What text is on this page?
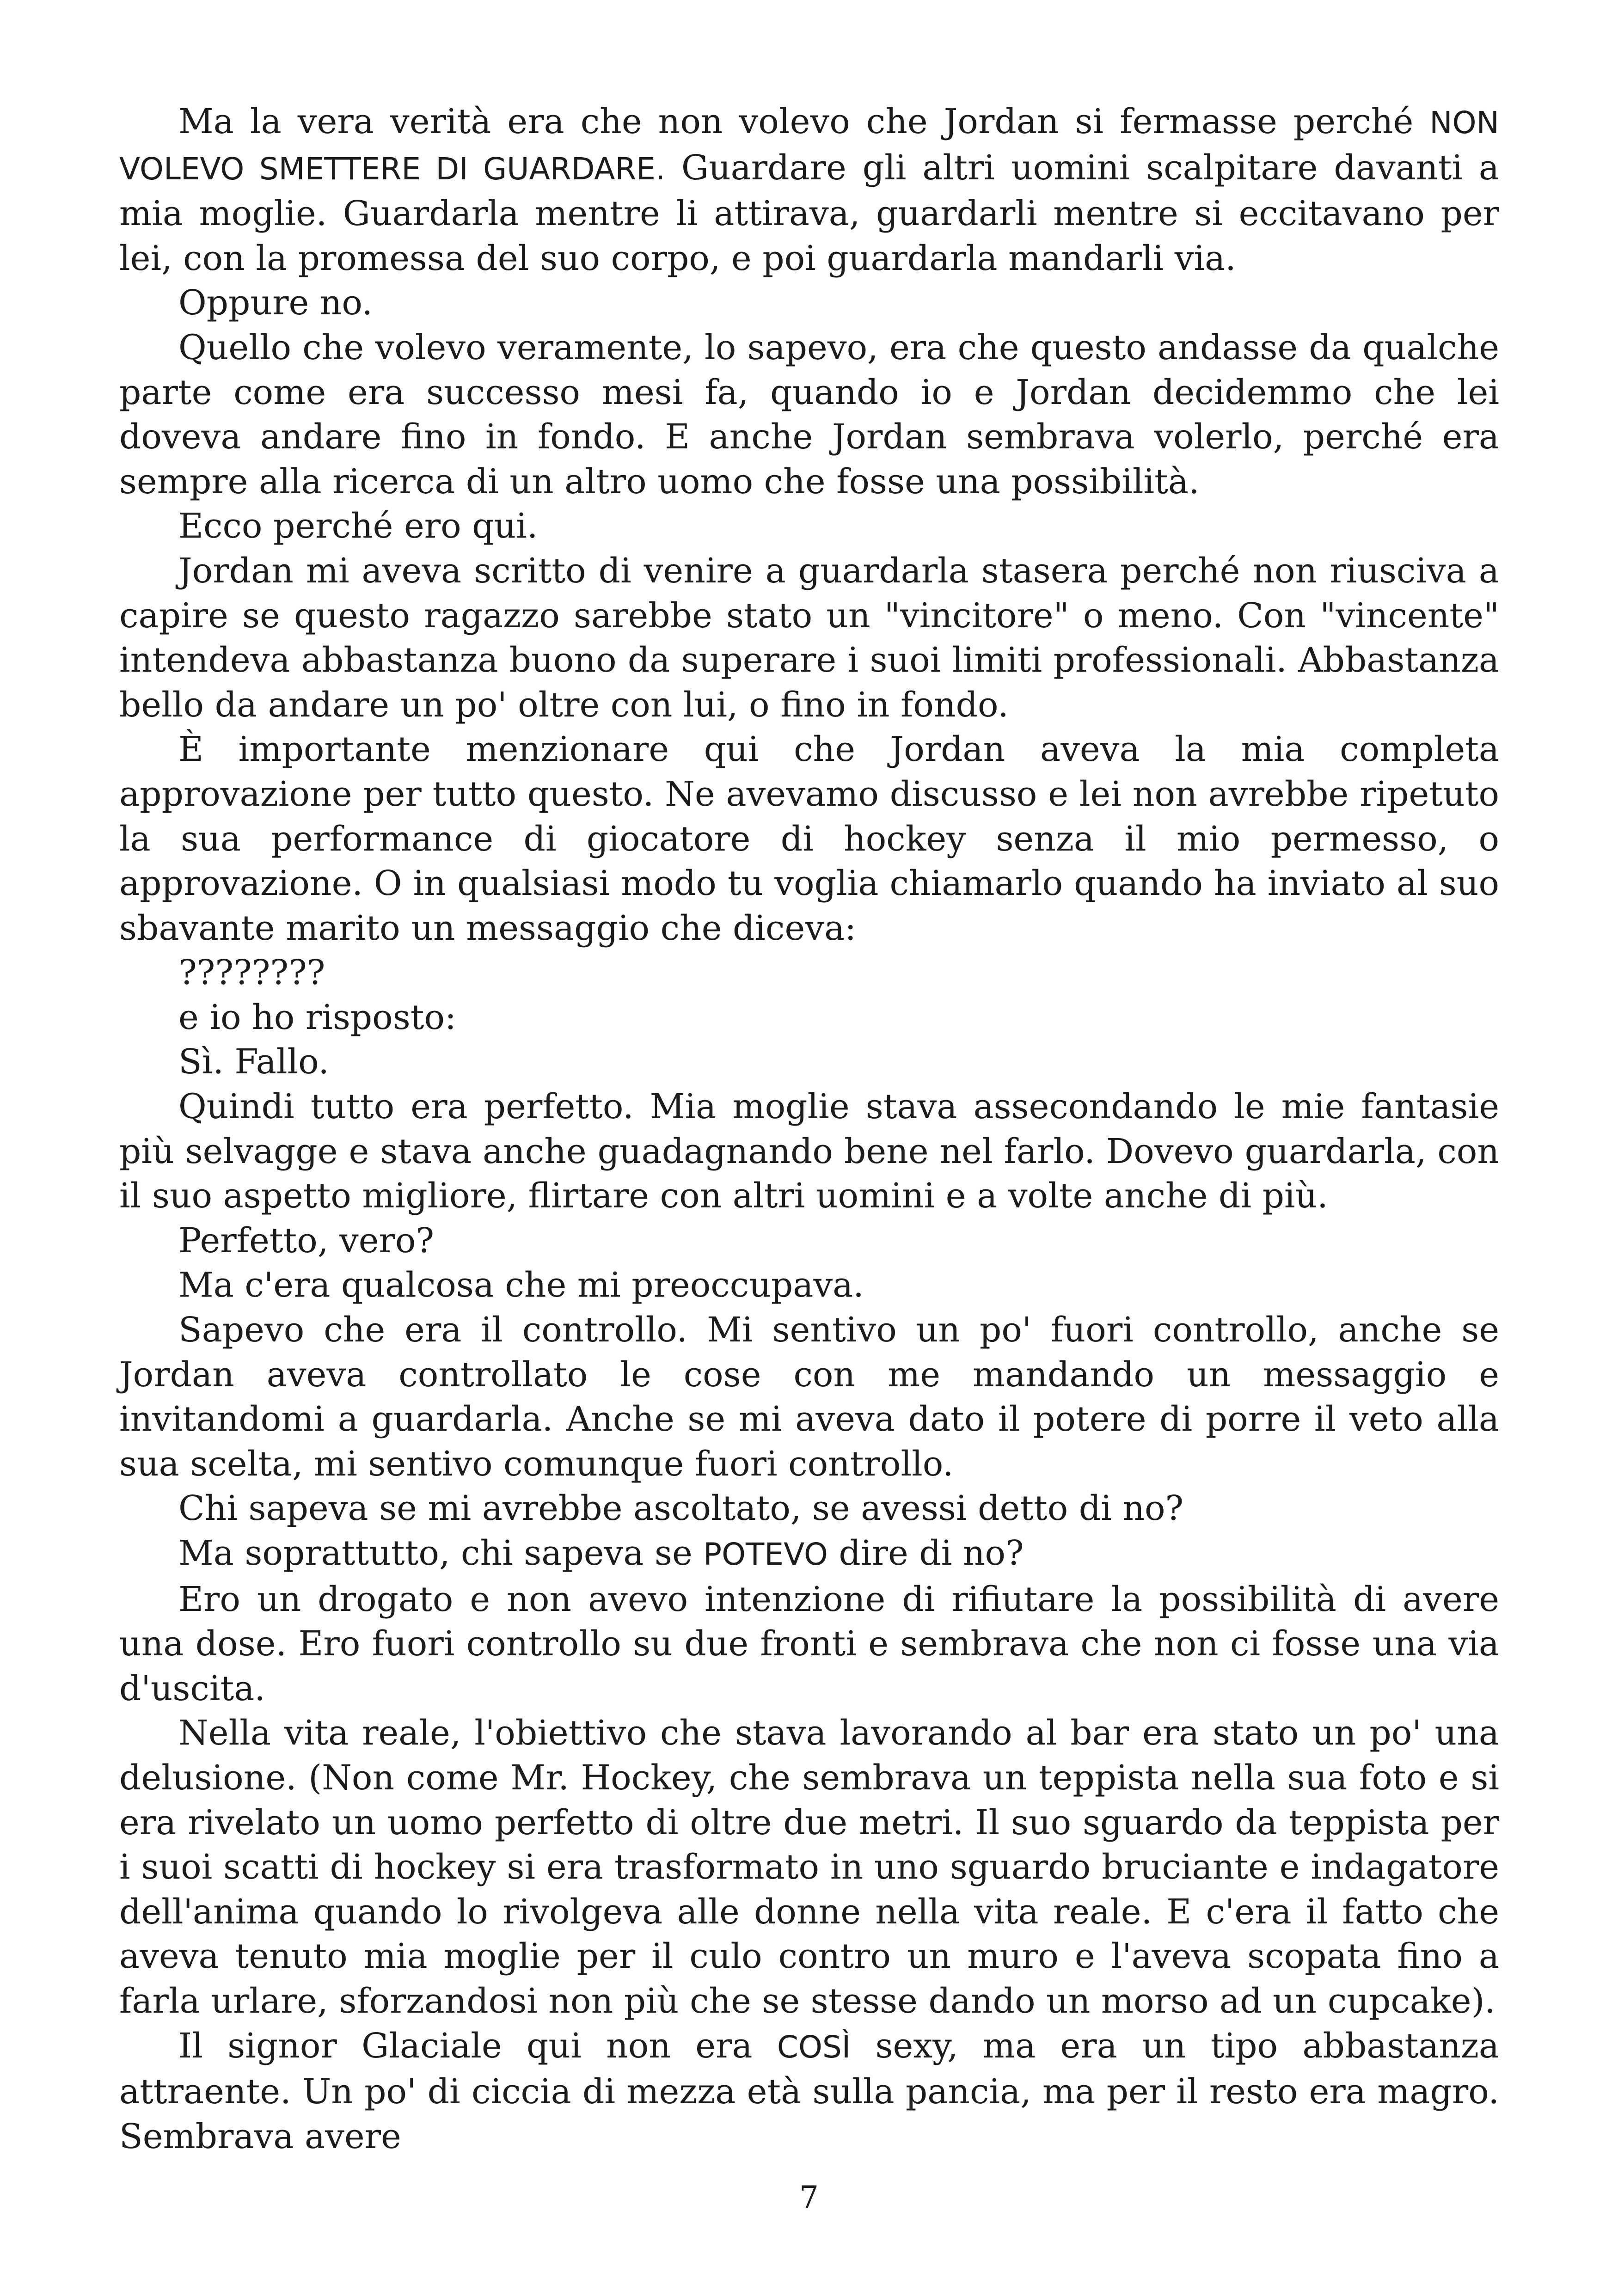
Ma la vera verità era che non volevo che Jordan si fermasse perché NON VOLEVO SMETTERE DI GUARDARE. Guardare gli altri uomini scalpitare davanti a mia moglie. Guardarla mentre li attirava, guardarli mentre si eccitavano per lei, con la promessa del suo corpo, e poi guardarla mandarli via.

Oppure no.

Quello che volevo veramente, lo sapevo, era che questo andasse da qualche parte come era successo mesi fa, quando io e Jordan decidemmo che lei doveva andare fino in fondo. E anche Jordan sembrava volerlo, perché era sempre alla ricerca di un altro uomo che fosse una possibilità.

Ecco perché ero qui.

Jordan mi aveva scritto di venire a guardarla stasera perché non riusciva a capire se questo ragazzo sarebbe stato un "vincitore" o meno. Con "vincente" intendeva abbastanza buono da superare i suoi limiti professionali. Abbastanza bello da andare un po' oltre con lui, o fino in fondo.

È importante menzionare qui che Jordan aveva la mia completa approvazione per tutto questo. Ne avevamo discusso e lei non avrebbe ripetuto la sua performance di giocatore di hockey senza il mio permesso, o approvazione. O in qualsiasi modo tu voglia chiamarlo quando ha inviato al suo sbavante marito un messaggio che diceva:

????????

e io ho risposto:

Sì. Fallo.

Quindi tutto era perfetto. Mia moglie stava assecondando le mie fantasie più selvagge e stava anche guadagnando bene nel farlo. Dovevo guardarla, con il suo aspetto migliore, flirtare con altri uomini e a volte anche di più.

Perfetto, vero?

Ma c'era qualcosa che mi preoccupava.

Sapevo che era il controllo. Mi sentivo un po' fuori controllo, anche se Jordan aveva controllato le cose con me mandando un messaggio e invitandomi a guardarla. Anche se mi aveva dato il potere di porre il veto alla sua scelta, mi sentivo comunque fuori controllo.

Chi sapeva se mi avrebbe ascoltato, se avessi detto di no?

Ma soprattutto, chi sapeva se POTEVO dire di no?

Ero un drogato e non avevo intenzione di rifiutare la possibilità di avere una dose. Ero fuori controllo su due fronti e sembrava che non ci fosse una via d'uscita.

Nella vita reale, l'obiettivo che stava lavorando al bar era stato un po' una delusione. (Non come Mr. Hockey, che sembrava un teppista nella sua foto e si era rivelato un uomo perfetto di oltre due metri. Il suo sguardo da teppista per i suoi scatti di hockey si era trasformato in uno sguardo bruciante e indagatore dell'anima quando lo rivolgeva alle donne nella vita reale. E c'era il fatto che aveva tenuto mia moglie per il culo contro un muro e l'aveva scopata fino a farla urlare, sforzandosi non più che se stesse dando un morso ad un cupcake).

Il signor Glaciale qui non era COSÌ sexy, ma era un tipo abbastanza attraente. Un po' di ciccia di mezza età sulla pancia, ma per il resto era magro. Sembrava avere

7
